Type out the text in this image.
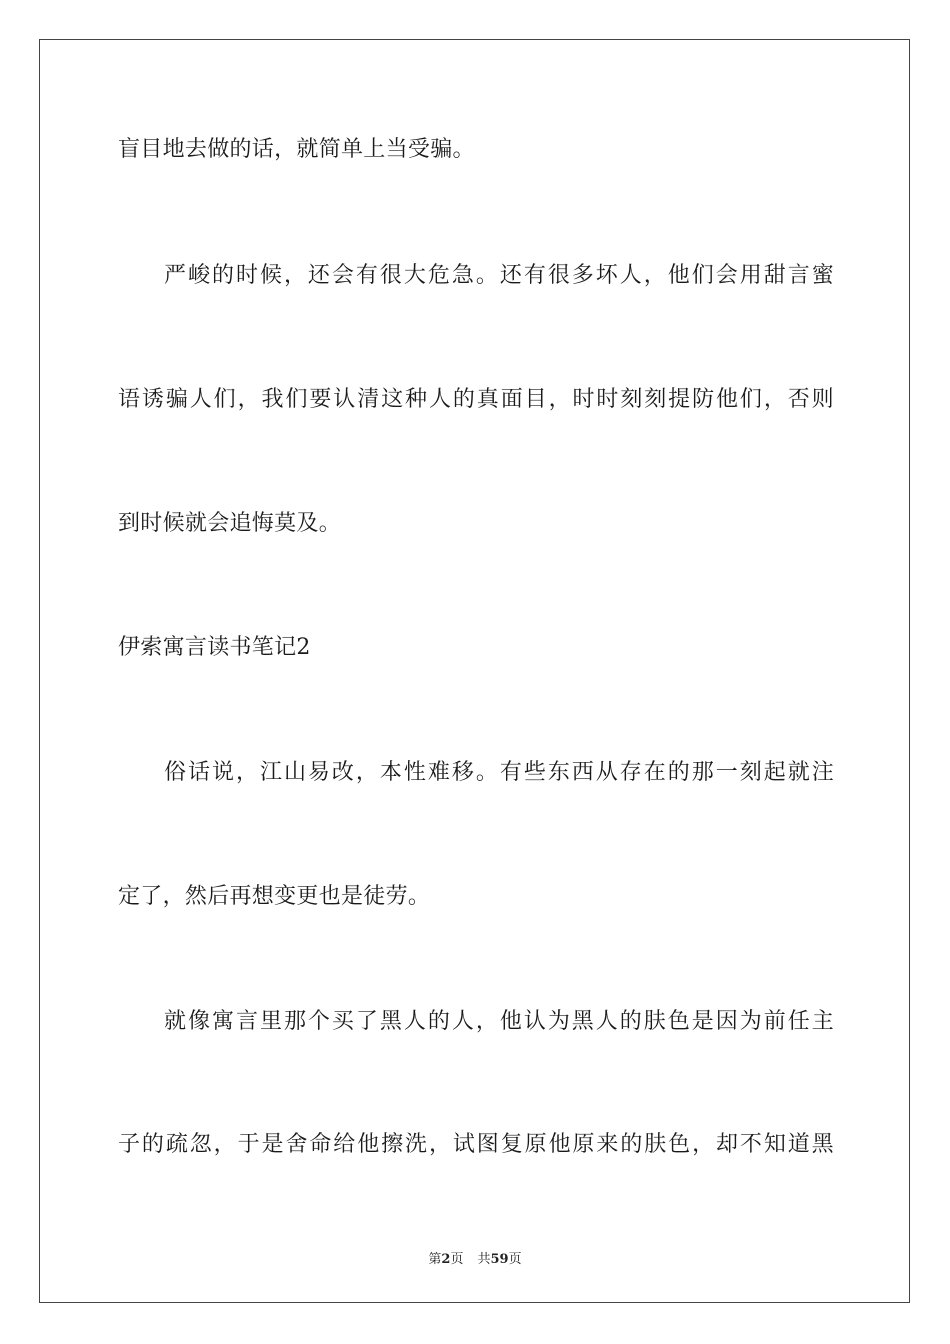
盲目地去做的话，就简单上当受骗。

严峻的时候，还会有很大危急。还有很多坏人，他们会用甜言蜜

语诱骗人们，我们要认清这种人的真面目，时时刻刻提防他们，否则

到时候就会追悔莫及。

伊索寓言读书笔记2

俗话说，江山易改，本性难移。有些东西从存在的那一刻起就注

定了，然后再想变更也是徒劳。

就像寓言里那个买了黑人的人，他认为黑人的肤色是因为前任主

子的疏忽，于是舍命给他擦洗，试图复原他原来的肤色，却不知道黑

第2页 共59页
